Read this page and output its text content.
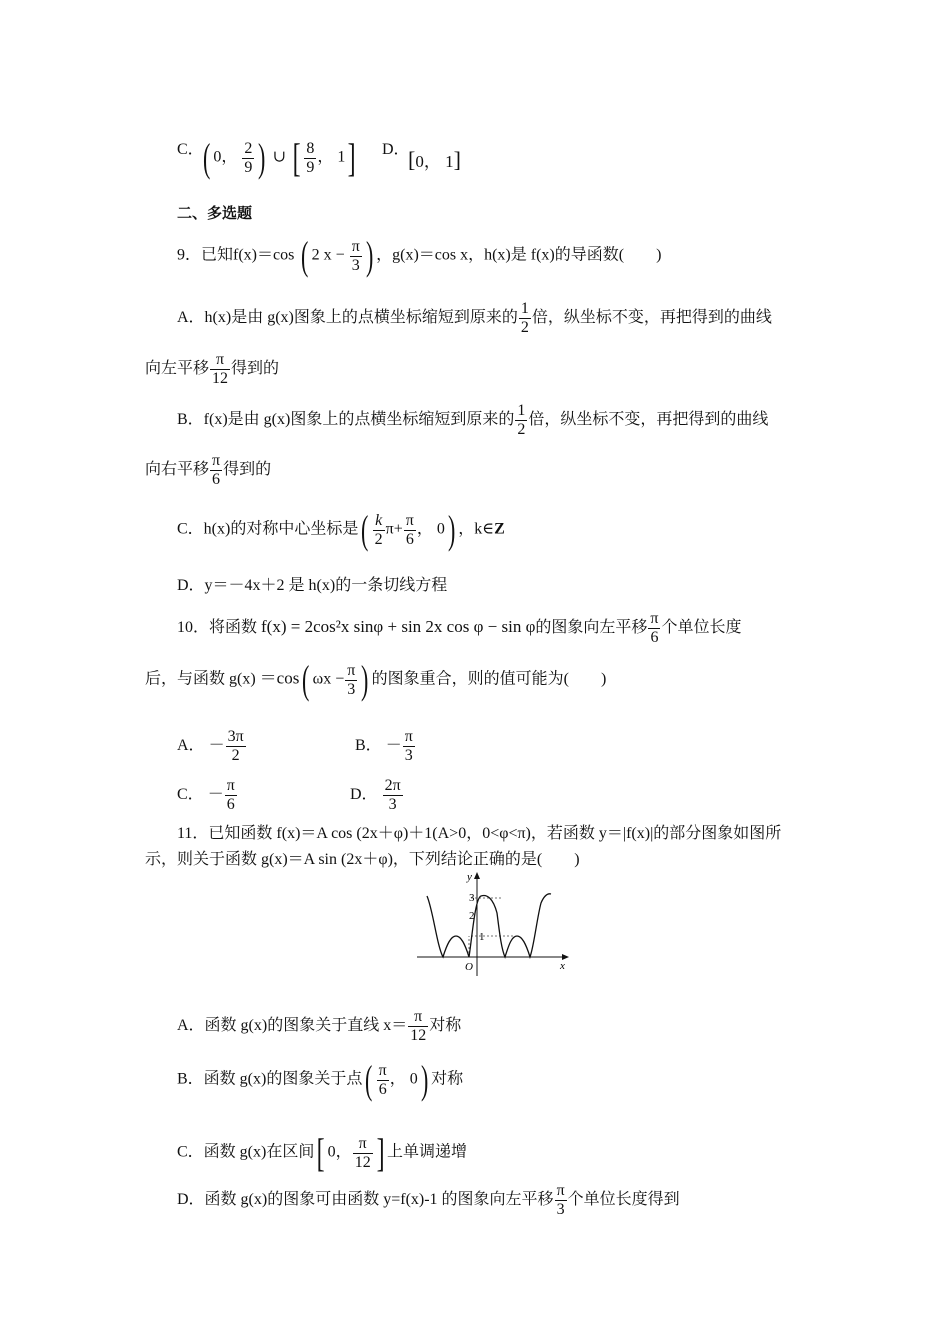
C． ( 0， $\frac{2}{9}$ ) ∪ [ $\frac{8}{9}$ ， 1] D．
[0， 1]
二、多选题
9．已知f(x)＝cos ( 2 $x - \frac{\pi}{3}$ ) ，g(x)＝cos x，h(x)是 f(x)的导函数(　　)
A．h(x)是由 g(x)图象上的点横坐标缩短到原来的 $\frac{1}{2}$ 倍，纵坐标不变，再把得到的曲线
向左平移 $\frac{\pi}{12}$ 得到的
B．f(x)是由 g(x)图象上的点横坐标缩短到原来的 $\frac{1}{2}$ 倍，纵坐标不变，再把得到的曲线
向右平移 $\frac{\pi}{6}$ 得到的
C．h(x)的对称中心坐标是( $\frac{k}{2} \pi+ \frac{\pi}{6}$ ， 0) ，k∈Z
D．y＝－4x＋2 是 h(x)的一条切线方程
10．将函数 f(x) = 2cos²x sinφ + sin 2x cos φ − sin φ的图象向左平移 $\frac{\pi}{6}$ 个单位长度
后，与函数 g(x) ＝cos( $\omega x - \frac{\pi}{3}$ ) 的图象重合，则的值可能为(　　)
A． － $\frac{3\pi}{2}$	B． － $\frac{\pi}{3}$
C． － $\frac{\pi}{6}$	D． $\frac{2\pi}{3}$
11．已知函数 f(x)＝A cos (2x＋φ)＋1(A>0，0<φ<π)，若函数 y＝|f(x)|的部分图象如图所
示，则关于函数 g(x)＝A sin (2x＋φ)，下列结论正确的是(　　)
y
x
O
3
2
1
A．函数 g(x)的图象关于直线 $x= \frac{\pi}{12}$ 对称
B．函数 g(x)的图象关于点( $\frac{\pi}{6}$ ， 0) 对称
C．函数 g(x)在区间[ 0， $\frac{\pi}{12}$ ] 上单调递增
D．函数 g(x)的图象可由函数 y=f(x)-1 的图象向左平移 $\frac{\pi}{3}$ 个单位长度得到
